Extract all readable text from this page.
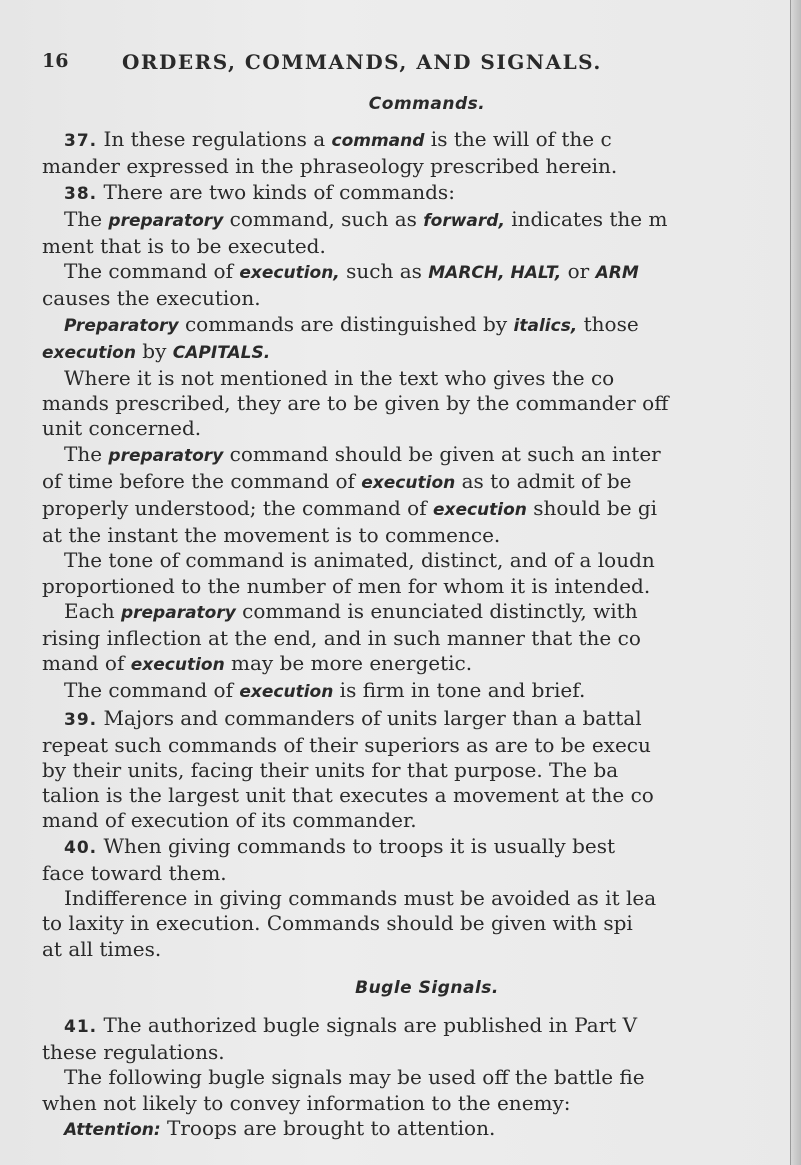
16	ORDERS, COMMANDS, AND SIGNALS.
Commands.

37. In these regulations a command is the will of the c

mander expressed in the phraseology prescribed herein.

38. There are two kinds of commands:

The preparatory command, such as forward, indicates the m

ment that is to be executed.

The command of execution, such as MARCH, HALT, or ARM

causes the execution.

Preparatory commands are distinguished by italics, those

execution by CAPITALS.

Where it is not mentioned in the text who gives the co

mands prescribed, they are to be given by the commander off

unit concerned.

The preparatory command should be given at such an inter

of time before the command of execution as to admit of be

properly understood; the command of execution should be gi

at the instant the movement is to commence.

The tone of command is animated, distinct, and of a loudn

proportioned to the number of men for whom it is intended.

Each preparatory command is enunciated distinctly, with

rising inflection at the end, and in such manner that the co

mand of execution may be more energetic.

The command of execution is firm in tone and brief.

39. Majors and commanders of units larger than a battal

repeat such commands of their superiors as are to be execu

by their units, facing their units for that purpose. The ba

talion is the largest unit that executes a movement at the co

mand of execution of its commander.

40. When giving commands to troops it is usually best

face toward them.

Indifference in giving commands must be avoided as it lea

to laxity in execution. Commands should be given with spi

at all times.

Bugle Signals.

41. The authorized bugle signals are published in Part V

these regulations.

The following bugle signals may be used off the battle fie

when not likely to convey information to the enemy:

Attention: Troops are brought to attention.
